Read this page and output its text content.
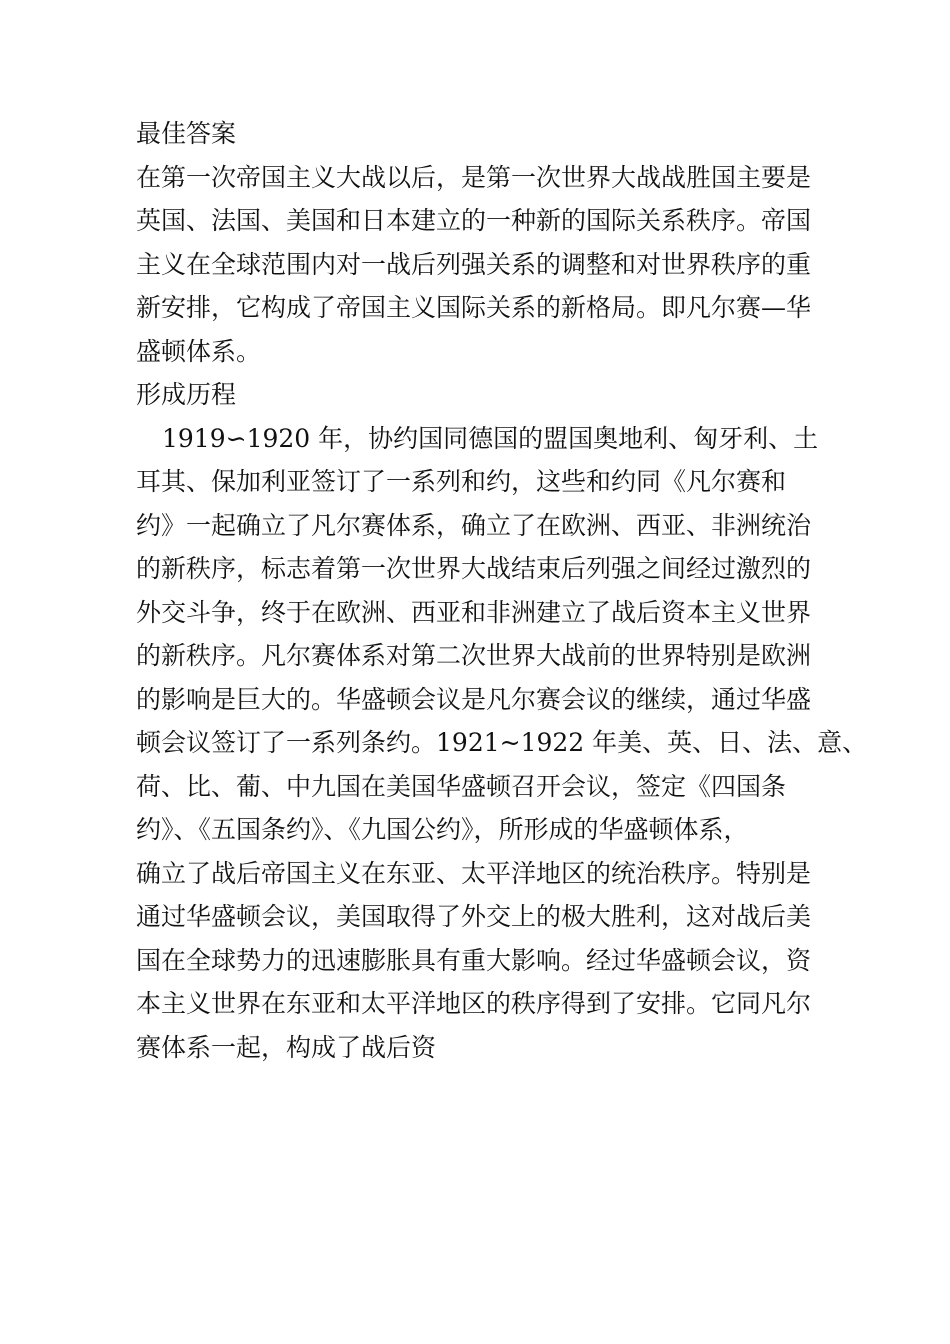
最佳答案
在第一次帝国主义大战以后，是第一次世界大战战胜国主要是
英国、法国、美国和日本建立的一种新的国际关系秩序。帝国
主义在全球范围内对一战后列强关系的调整和对世界秩序的重
新安排，它构成了帝国主义国际关系的新格局。即凡尔赛—华
盛顿体系。
形成历程
1919∽1920 年，协约国同德国的盟国奥地利、匈牙利、土
耳其、保加利亚签订了一系列和约，这些和约同《凡尔赛和
约》一起确立了凡尔赛体系，确立了在欧洲、西亚、非洲统治
的新秩序，标志着第一次世界大战结束后列强之间经过激烈的
外交斗争，终于在欧洲、西亚和非洲建立了战后资本主义世界
的新秩序。凡尔赛体系对第二次世界大战前的世界特别是欧洲
的影响是巨大的。华盛顿会议是凡尔赛会议的继续，通过华盛
顿会议签订了一系列条约。1921~1922 年美、英、日、法、意、
荷、比、葡、中九国在美国华盛顿召开会议，签定《四国条
约》、《五国条约》、《九国公约》，所形成的华盛顿体系，
确立了战后帝国主义在东亚、太平洋地区的统治秩序。特别是
通过华盛顿会议，美国取得了外交上的极大胜利，这对战后美
国在全球势力的迅速膨胀具有重大影响。经过华盛顿会议，资
本主义世界在东亚和太平洋地区的秩序得到了安排。它同凡尔
赛体系一起，构成了战后资
